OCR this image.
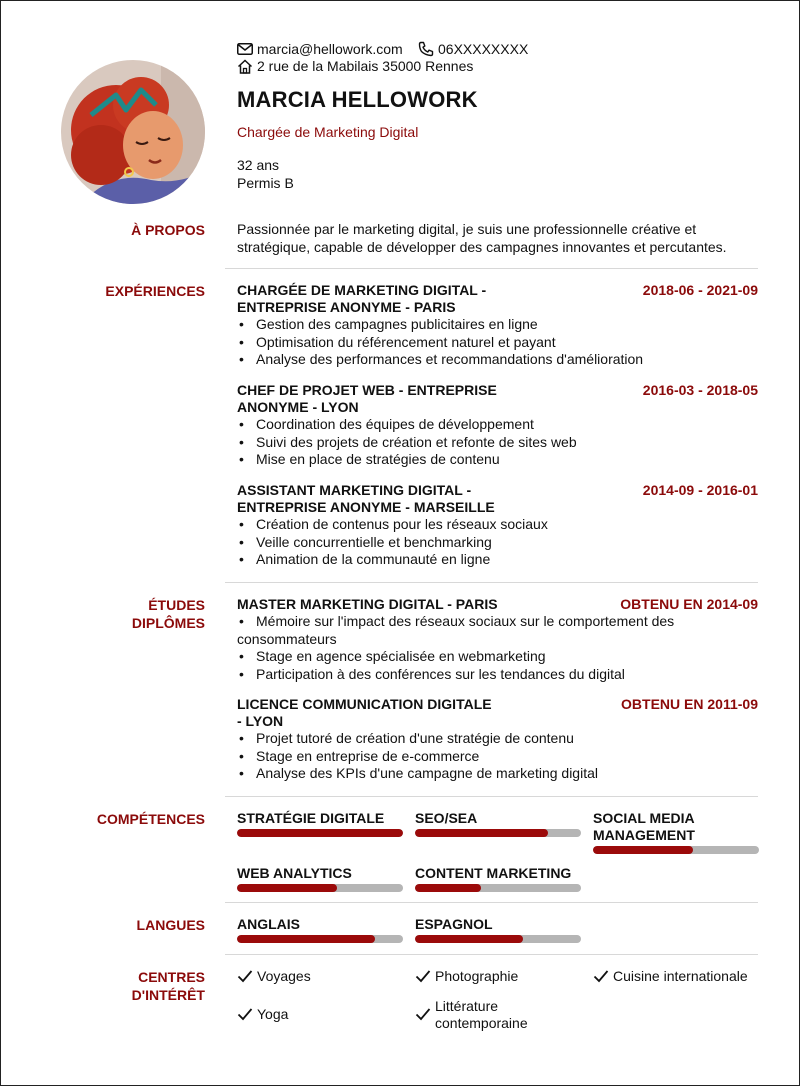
marcia@hellowork.com	06XXXXXXXX
2 rue de la Mabilais 35000 Rennes
MARCIA HELLOWORK
Chargée de Marketing Digital
32 ans
Permis B
À PROPOS Passionnée par le marketing digital, je suis une professionnelle créative et stratégique, capable de développer des campagnes innovantes et percutantes.
EXPÉRIENCES CHARGÉE DE MARKETING DIGITAL -
ENTREPRISE ANONYME - PARIS
2018-06 - 2021-09
• Gestion des campagnes publicitaires en ligne
• Optimisation du référencement naturel et payant
• Analyse des performances et recommandations d'amélioration
CHEF DE PROJET WEB - ENTREPRISE
ANONYME - LYON
2016-03 - 2018-05
• Coordination des équipes de développement
• Suivi des projets de création et refonte de sites web
• Mise en place de stratégies de contenu
ASSISTANT MARKETING DIGITAL -
ENTREPRISE ANONYME - MARSEILLE
2014-09 - 2016-01
• Création de contenus pour les réseaux sociaux
• Veille concurrentielle et benchmarking
• Animation de la communauté en ligne
ÉTUDES
DIPLÔMES
MASTER MARKETING DIGITAL - PARIS	OBTENU EN 2014-09
• Mémoire sur l'impact des réseaux sociaux sur le comportement des
consommateurs
• Stage en agence spécialisée en webmarketing
• Participation à des conférences sur les tendances du digital
LICENCE COMMUNICATION DIGITALE
- LYON
OBTENU EN 2011-09
• Projet tutoré de création d'une stratégie de contenu
• Stage en entreprise de e-commerce
• Analyse des KPIs d'une campagne de marketing digital
COMPÉTENCES STRATÉGIE DIGITALE	SEO/SEA	SOCIAL MEDIA
MANAGEMENT
WEB ANALYTICS	CONTENT MARKETING
LANGUES ANGLAIS	ESPAGNOL
CENTRES
D'INTÉRÊT
Voyages	Photographie	Cuisine internationale
Yoga	Littérature
contemporaine
